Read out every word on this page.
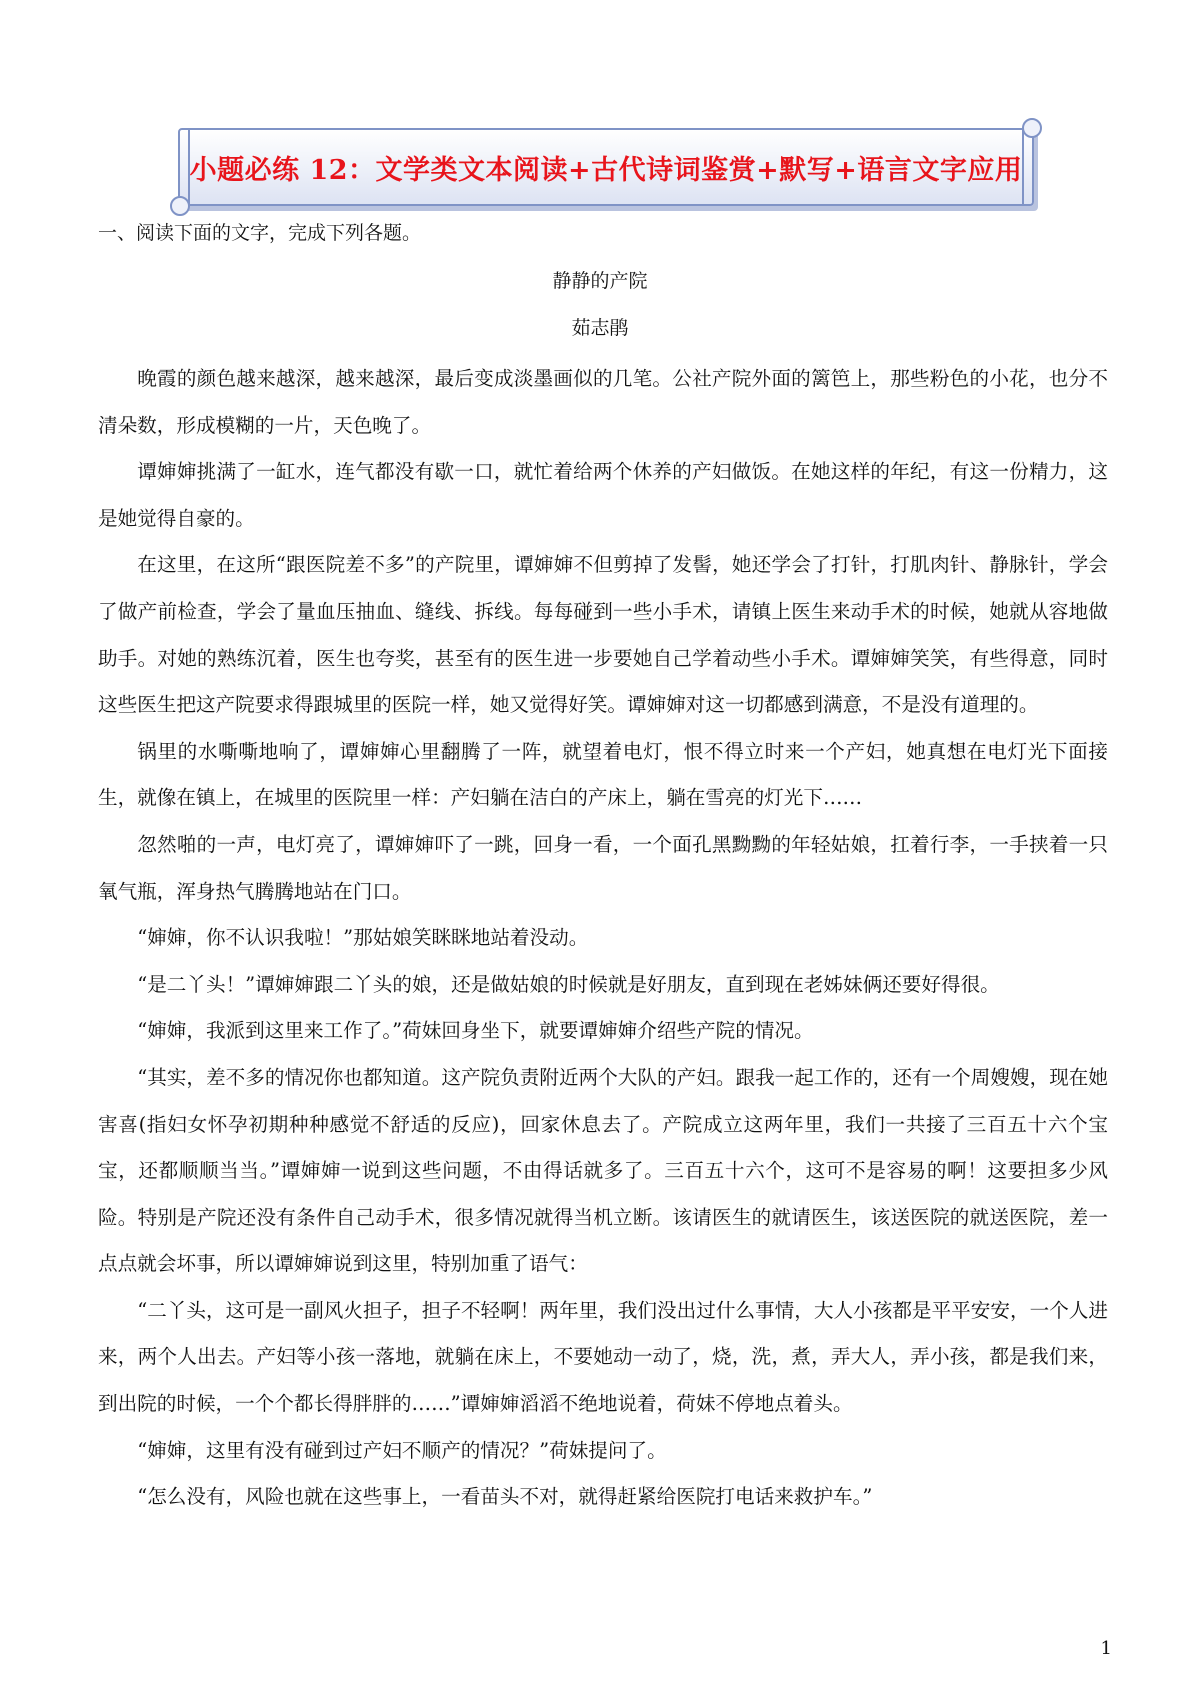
小题必练 12：文学类文本阅读+古代诗词鉴赏+默写+语言文字应用
一、阅读下面的文字，完成下列各题。
静静的产院
茹志鹃

晚霞的颜色越来越深，越来越深，最后变成淡墨画似的几笔。公社产院外面的篱笆上，那些粉色的小花，也分不清朵数，形成模糊的一片，天色晚了。

谭婶婶挑满了一缸水，连气都没有歇一口，就忙着给两个休养的产妇做饭。在她这样的年纪，有这一份精力，这是她觉得自豪的。

在这里，在这所“跟医院差不多”的产院里，谭婶婶不但剪掉了发髻，她还学会了打针，打肌肉针、静脉针，学会了做产前检查，学会了量血压抽血、缝线、拆线。每每碰到一些小手术，请镇上医生来动手术的时候，她就从容地做助手。对她的熟练沉着，医生也夸奖，甚至有的医生进一步要她自己学着动些小手术。谭婶婶笑笑，有些得意，同时这些医生把这产院要求得跟城里的医院一样，她又觉得好笑。谭婶婶对这一切都感到满意，不是没有道理的。

锅里的水嘶嘶地响了，谭婶婶心里翻腾了一阵，就望着电灯，恨不得立时来一个产妇，她真想在电灯光下面接生，就像在镇上，在城里的医院里一样：产妇躺在洁白的产床上，躺在雪亮的灯光下……

忽然啪的一声，电灯亮了，谭婶婶吓了一跳，回身一看，一个面孔黑黝黝的年轻姑娘，扛着行李，一手挟着一只氧气瓶，浑身热气腾腾地站在门口。

“婶婶，你不认识我啦！”那姑娘笑眯眯地站着没动。

“是二丫头！”谭婶婶跟二丫头的娘，还是做姑娘的时候就是好朋友，直到现在老姊妹俩还要好得很。

“婶婶，我派到这里来工作了。”荷妹回身坐下，就要谭婶婶介绍些产院的情况。

“其实，差不多的情况你也都知道。这产院负责附近两个大队的产妇。跟我一起工作的，还有一个周嫂嫂，现在她害喜(指妇女怀孕初期种种感觉不舒适的反应)，回家休息去了。产院成立这两年里，我们一共接了三百五十六个宝宝，还都顺顺当当。”谭婶婶一说到这些问题，不由得话就多了。三百五十六个，这可不是容易的啊！这要担多少风险。特别是产院还没有条件自己动手术，很多情况就得当机立断。该请医生的就请医生，该送医院的就送医院，差一点点就会坏事，所以谭婶婶说到这里，特别加重了语气：

“二丫头，这可是一副风火担子，担子不轻啊！两年里，我们没出过什么事情，大人小孩都是平平安安，一个人进来，两个人出去。产妇等小孩一落地，就躺在床上，不要她动一动了，烧，洗，煮，弄大人，弄小孩，都是我们来，到出院的时候，一个个都长得胖胖的……”谭婶婶滔滔不绝地说着，荷妹不停地点着头。

“婶婶，这里有没有碰到过产妇不顺产的情况？”荷妹提问了。

“怎么没有，风险也就在这些事上，一看苗头不对，就得赶紧给医院打电话来救护车。”

1
